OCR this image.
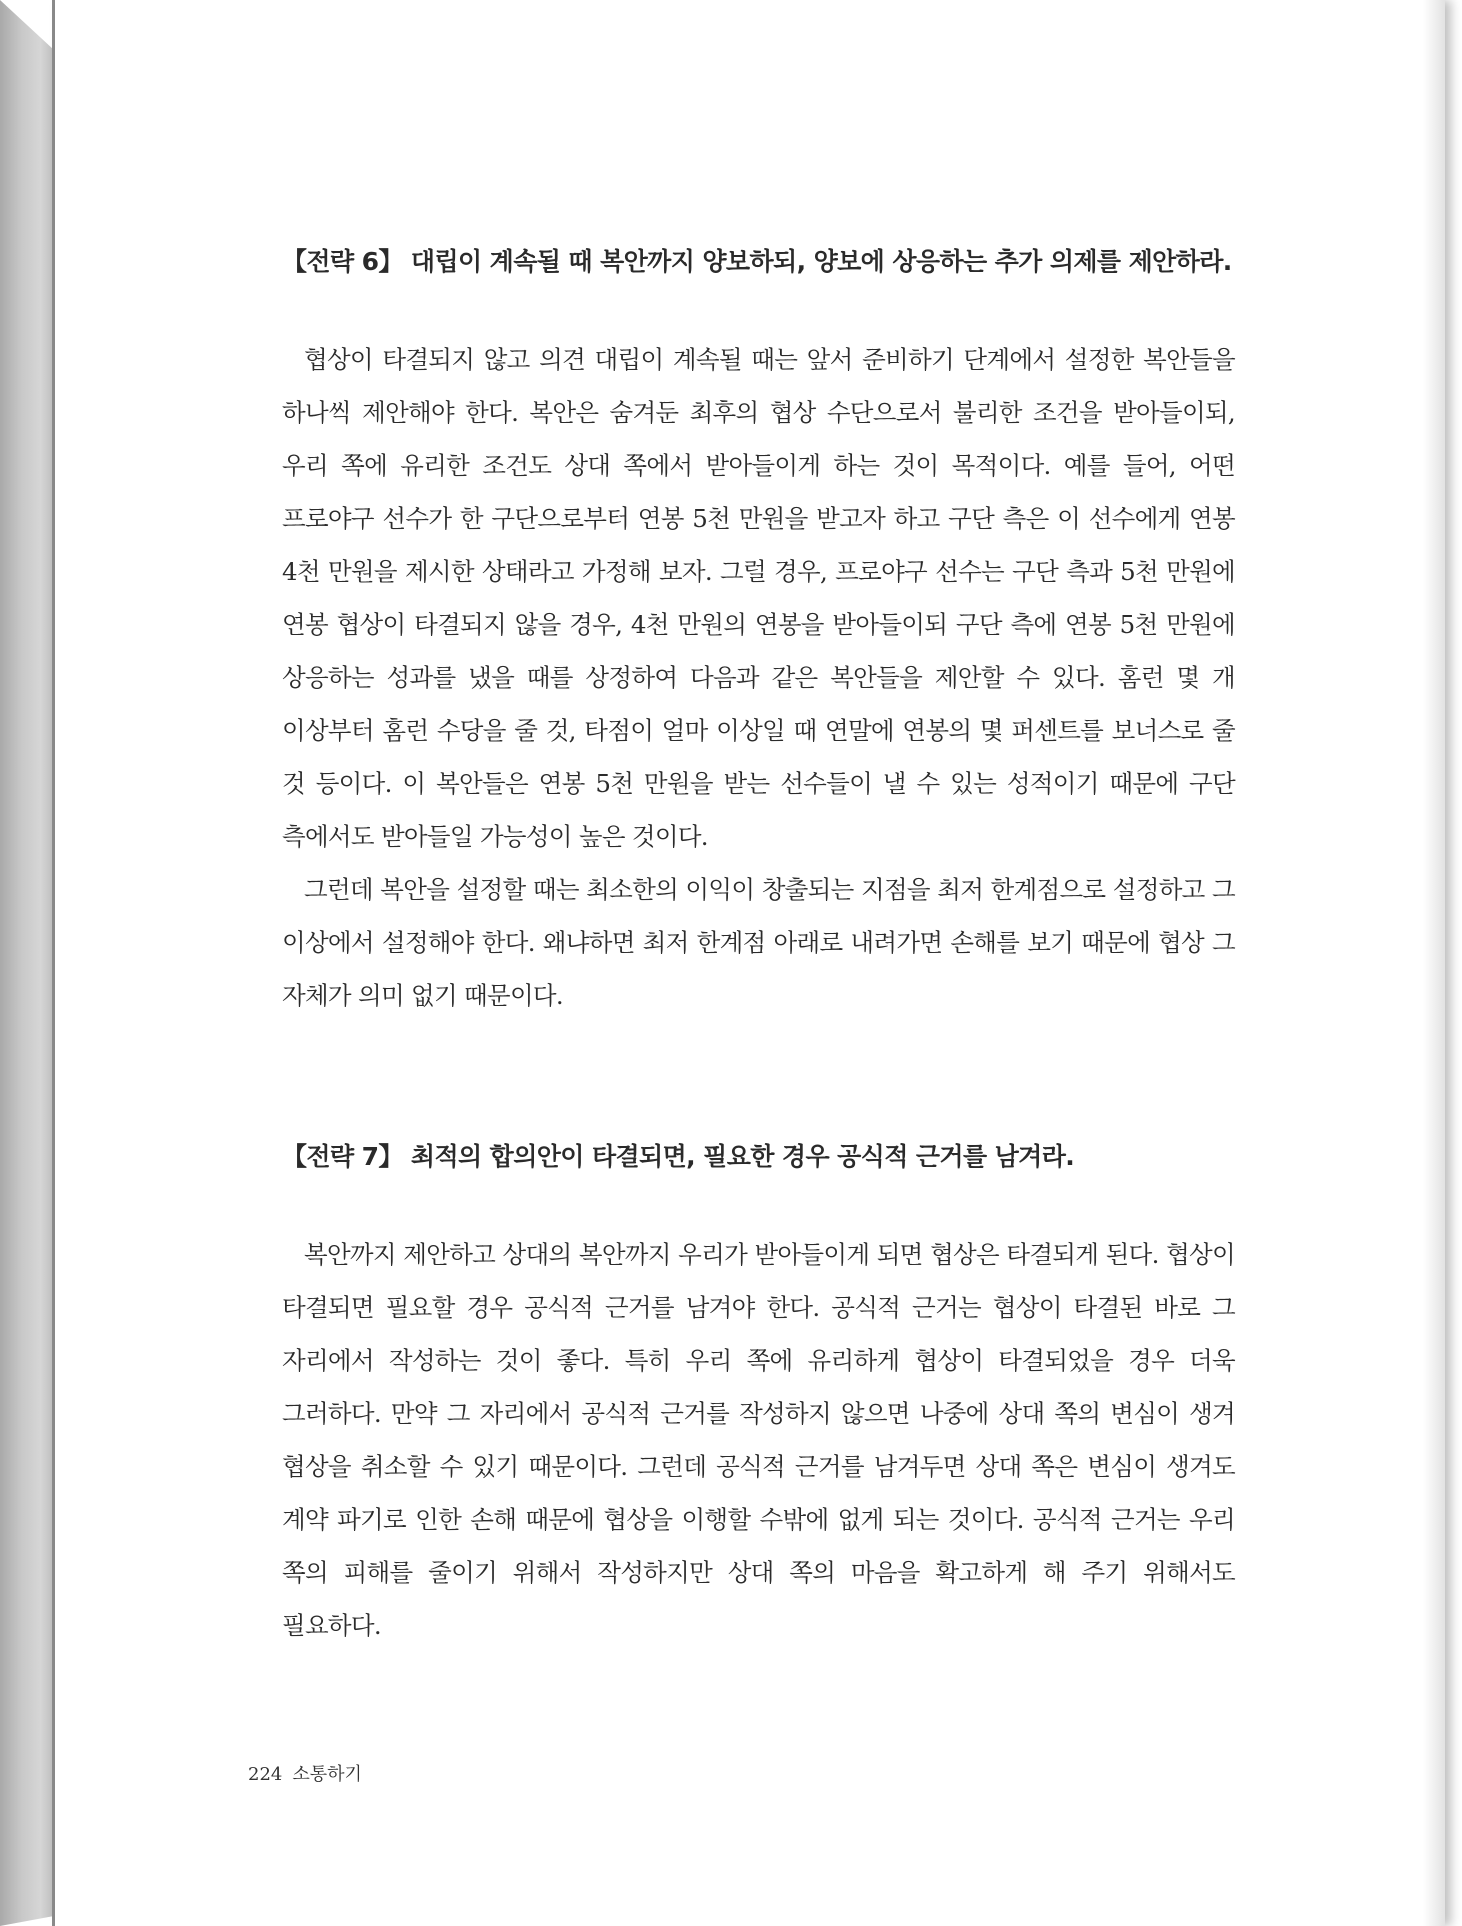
【전략 6】 대립이 계속될 때 복안까지 양보하되, 양보에 상응하는 추가 의제를 제안하라.
협상이 타결되지 않고 의견 대립이 계속될 때는 앞서 준비하기 단계에서 설정한 복안들을 하나씩 제안해야 한다. 복안은 숨겨둔 최후의 협상 수단으로서 불리한 조건을 받아들이되, 우리 쪽에 유리한 조건도 상대 쪽에서 받아들이게 하는 것이 목적이다. 예를 들어, 어떤 프로야구 선수가 한 구단으로부터 연봉 5천 만원을 받고자 하고 구단 측은 이 선수에게 연봉 4천 만원을 제시한 상태라고 가정해 보자. 그럴 경우, 프로야구 선수는 구단 측과 5천 만원에 연봉 협상이 타결되지 않을 경우, 4천 만원의 연봉을 받아들이되 구단 측에 연봉 5천 만원에 상응하는 성과를 냈을 때를 상정하여 다음과 같은 복안들을 제안할 수 있다. 홈런 몇 개 이상부터 홈런 수당을 줄 것, 타점이 얼마 이상일 때 연말에 연봉의 몇 퍼센트를 보너스로 줄 것 등이다. 이 복안들은 연봉 5천 만원을 받는 선수들이 낼 수 있는 성적이기 때문에 구단 측에서도 받아들일 가능성이 높은 것이다.
그런데 복안을 설정할 때는 최소한의 이익이 창출되는 지점을 최저 한계점으로 설정하고 그 이상에서 설정해야 한다. 왜냐하면 최저 한계점 아래로 내려가면 손해를 보기 때문에 협상 그 자체가 의미 없기 때문이다.
【전략 7】 최적의 합의안이 타결되면, 필요한 경우 공식적 근거를 남겨라.
복안까지 제안하고 상대의 복안까지 우리가 받아들이게 되면 협상은 타결되게 된다. 협상이 타결되면 필요할 경우 공식적 근거를 남겨야 한다. 공식적 근거는 협상이 타결된 바로 그 자리에서 작성하는 것이 좋다. 특히 우리 쪽에 유리하게 협상이 타결되었을 경우 더욱 그러하다. 만약 그 자리에서 공식적 근거를 작성하지 않으면 나중에 상대 쪽의 변심이 생겨 협상을 취소할 수 있기 때문이다. 그런데 공식적 근거를 남겨두면 상대 쪽은 변심이 생겨도 계약 파기로 인한 손해 때문에 협상을 이행할 수밖에 없게 되는 것이다. 공식적 근거는 우리 쪽의 피해를 줄이기 위해서 작성하지만 상대 쪽의 마음을 확고하게 해 주기 위해서도 필요하다.
224 소통하기
